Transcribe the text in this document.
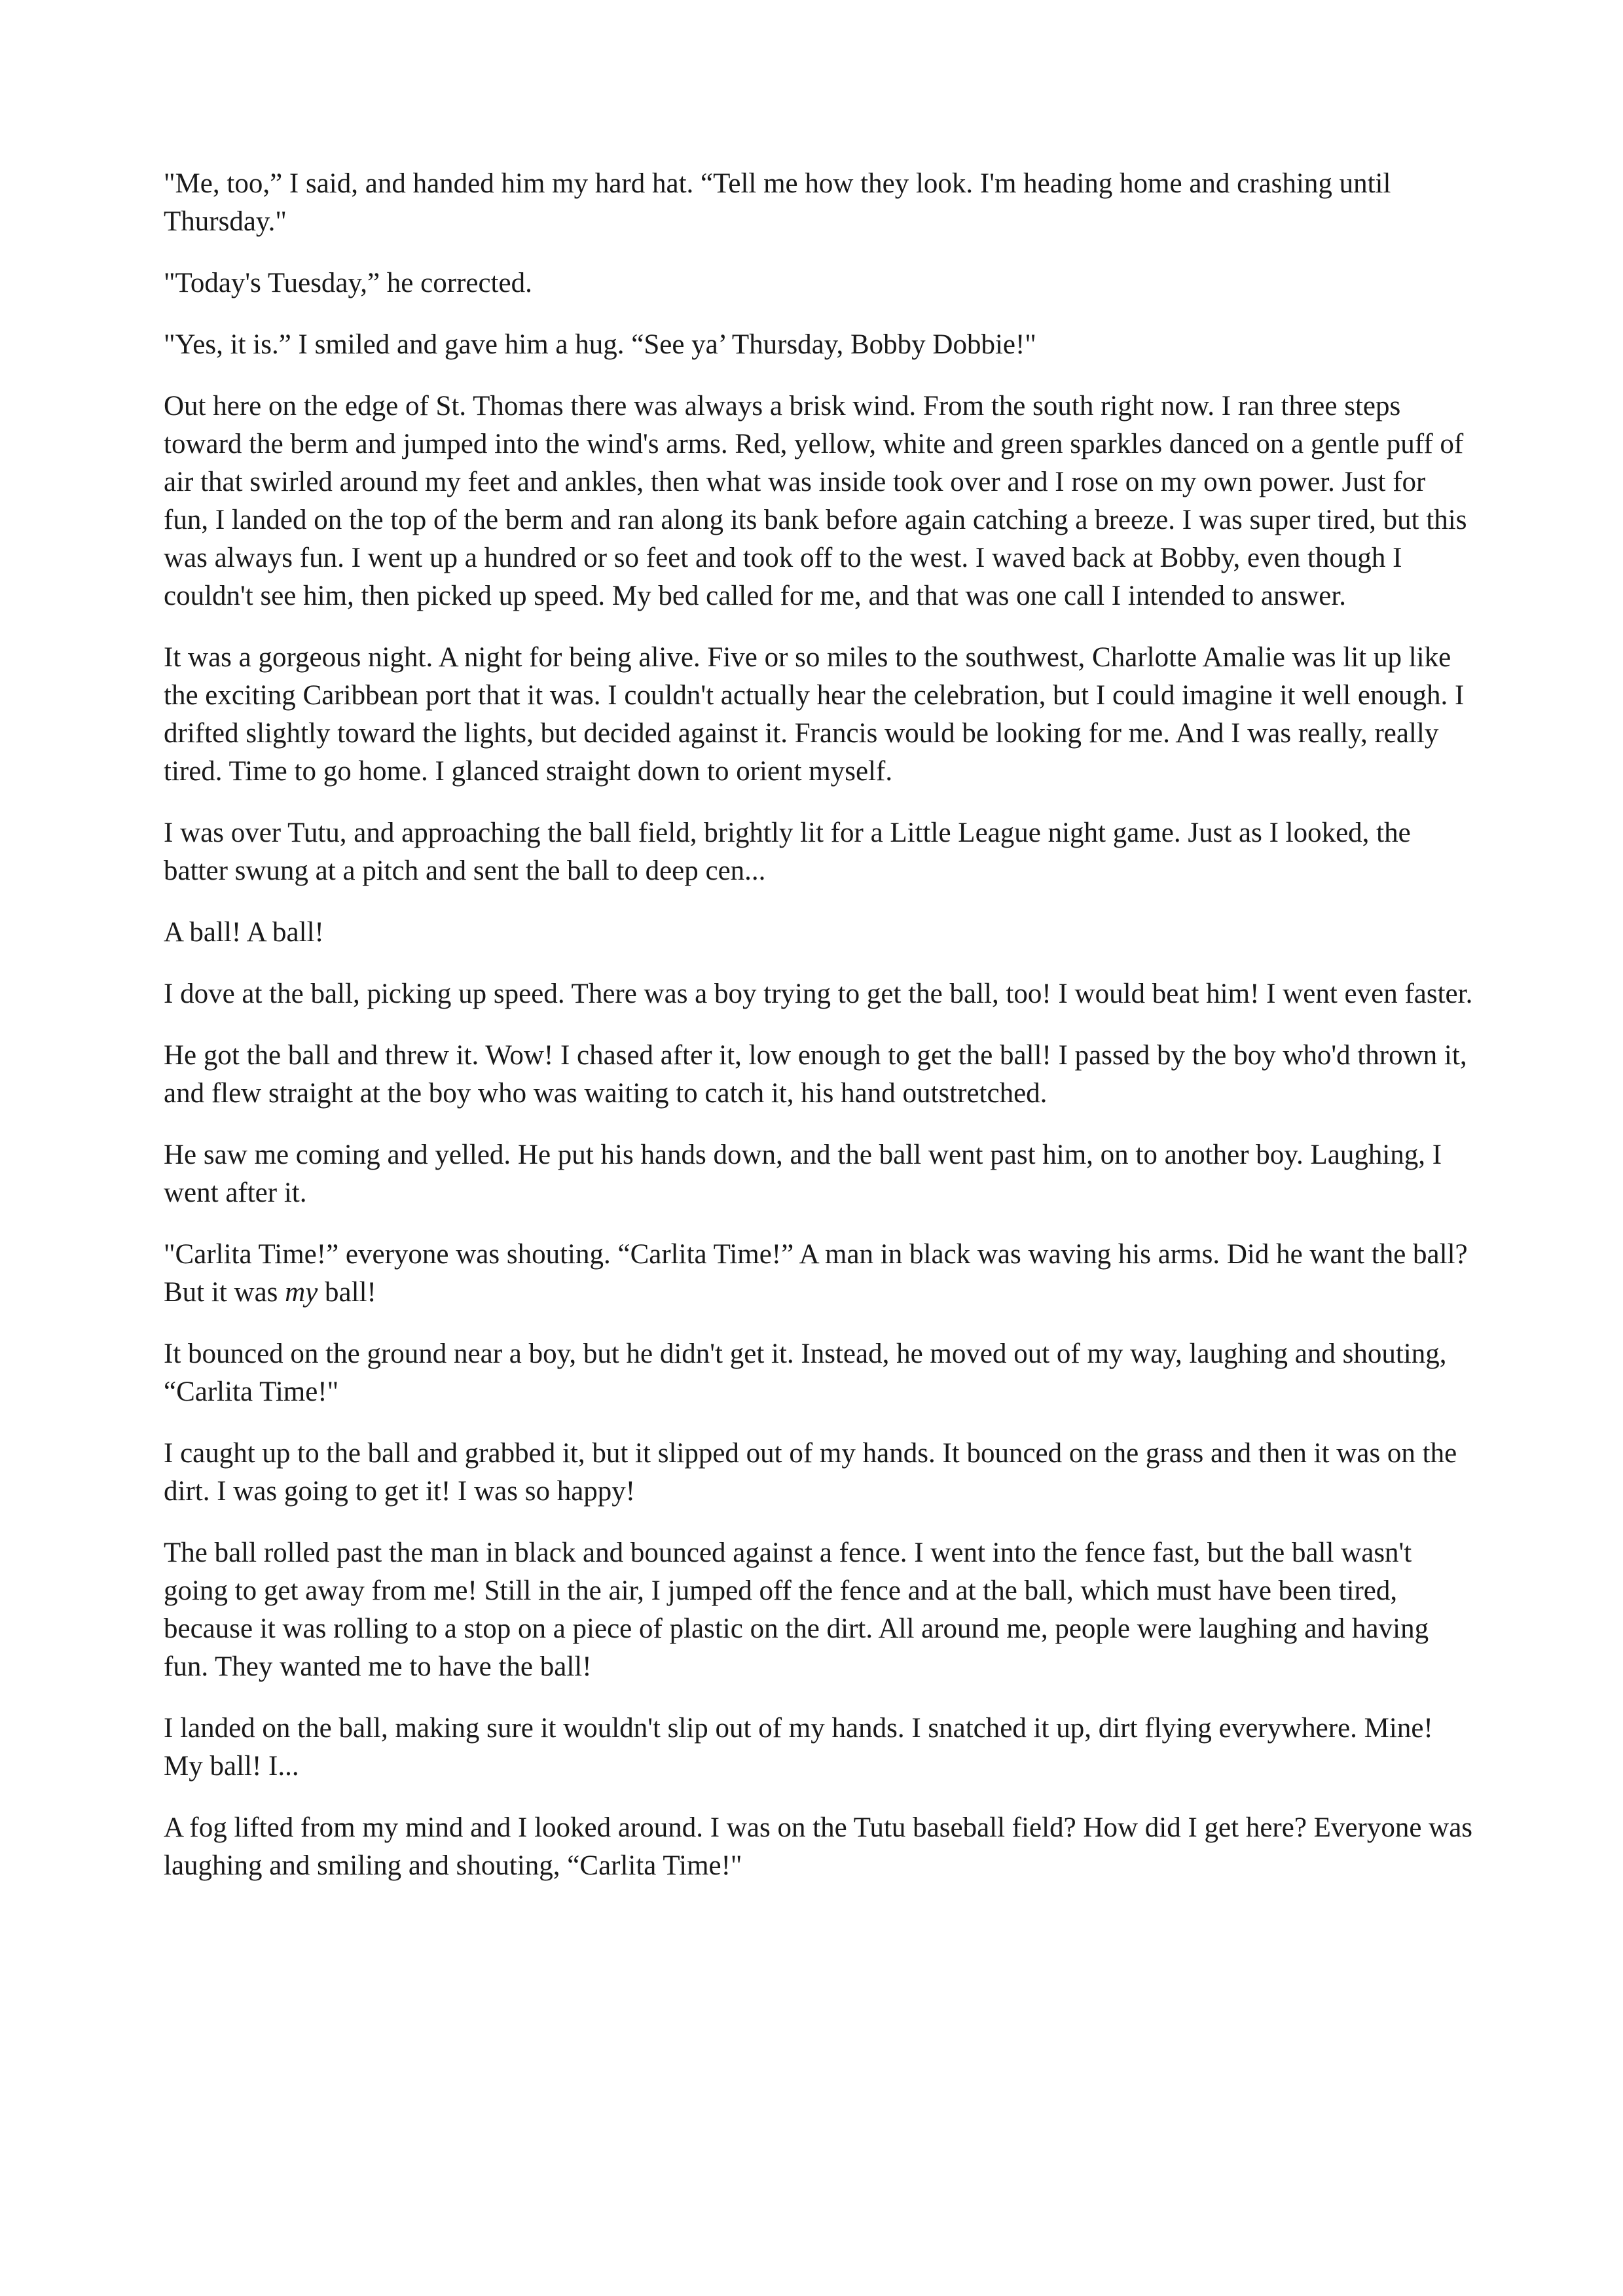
"Me, too,” I said, and handed him my hard hat. “Tell me how they look. I'm heading home and crashing until Thursday."

"Today's Tuesday,” he corrected.

"Yes, it is.” I smiled and gave him a hug. “See ya’ Thursday, Bobby Dobbie!"

Out here on the edge of St. Thomas there was always a brisk wind. From the south right now. I ran three steps toward the berm and jumped into the wind's arms. Red, yellow, white and green sparkles danced on a gentle puff of air that swirled around my feet and ankles, then what was inside took over and I rose on my own power. Just for fun, I landed on the top of the berm and ran along its bank before again catching a breeze. I was super tired, but this was always fun. I went up a hundred or so feet and took off to the west. I waved back at Bobby, even though I couldn't see him, then picked up speed. My bed called for me, and that was one call I intended to answer.

It was a gorgeous night. A night for being alive. Five or so miles to the southwest, Charlotte Amalie was lit up like the exciting Caribbean port that it was. I couldn't actually hear the celebration, but I could imagine it well enough. I drifted slightly toward the lights, but decided against it. Francis would be looking for me. And I was really, really tired. Time to go home. I glanced straight down to orient myself.

I was over Tutu, and approaching the ball field, brightly lit for a Little League night game. Just as I looked, the batter swung at a pitch and sent the ball to deep cen...

A ball! A ball!

I dove at the ball, picking up speed. There was a boy trying to get the ball, too! I would beat him! I went even faster.

He got the ball and threw it. Wow! I chased after it, low enough to get the ball! I passed by the boy who'd thrown it, and flew straight at the boy who was waiting to catch it, his hand outstretched.

He saw me coming and yelled. He put his hands down, and the ball went past him, on to another boy. Laughing, I went after it.

"Carlita Time!” everyone was shouting. “Carlita Time!” A man in black was waving his arms. Did he want the ball? But it was my ball!

It bounced on the ground near a boy, but he didn't get it. Instead, he moved out of my way, laughing and shouting, “Carlita Time!"

I caught up to the ball and grabbed it, but it slipped out of my hands. It bounced on the grass and then it was on the dirt. I was going to get it! I was so happy!

The ball rolled past the man in black and bounced against a fence. I went into the fence fast, but the ball wasn't going to get away from me! Still in the air, I jumped off the fence and at the ball, which must have been tired, because it was rolling to a stop on a piece of plastic on the dirt. All around me, people were laughing and having fun. They wanted me to have the ball!

I landed on the ball, making sure it wouldn't slip out of my hands. I snatched it up, dirt flying everywhere. Mine! My ball! I...

A fog lifted from my mind and I looked around. I was on the Tutu baseball field? How did I get here? Everyone was laughing and smiling and shouting, “Carlita Time!"
